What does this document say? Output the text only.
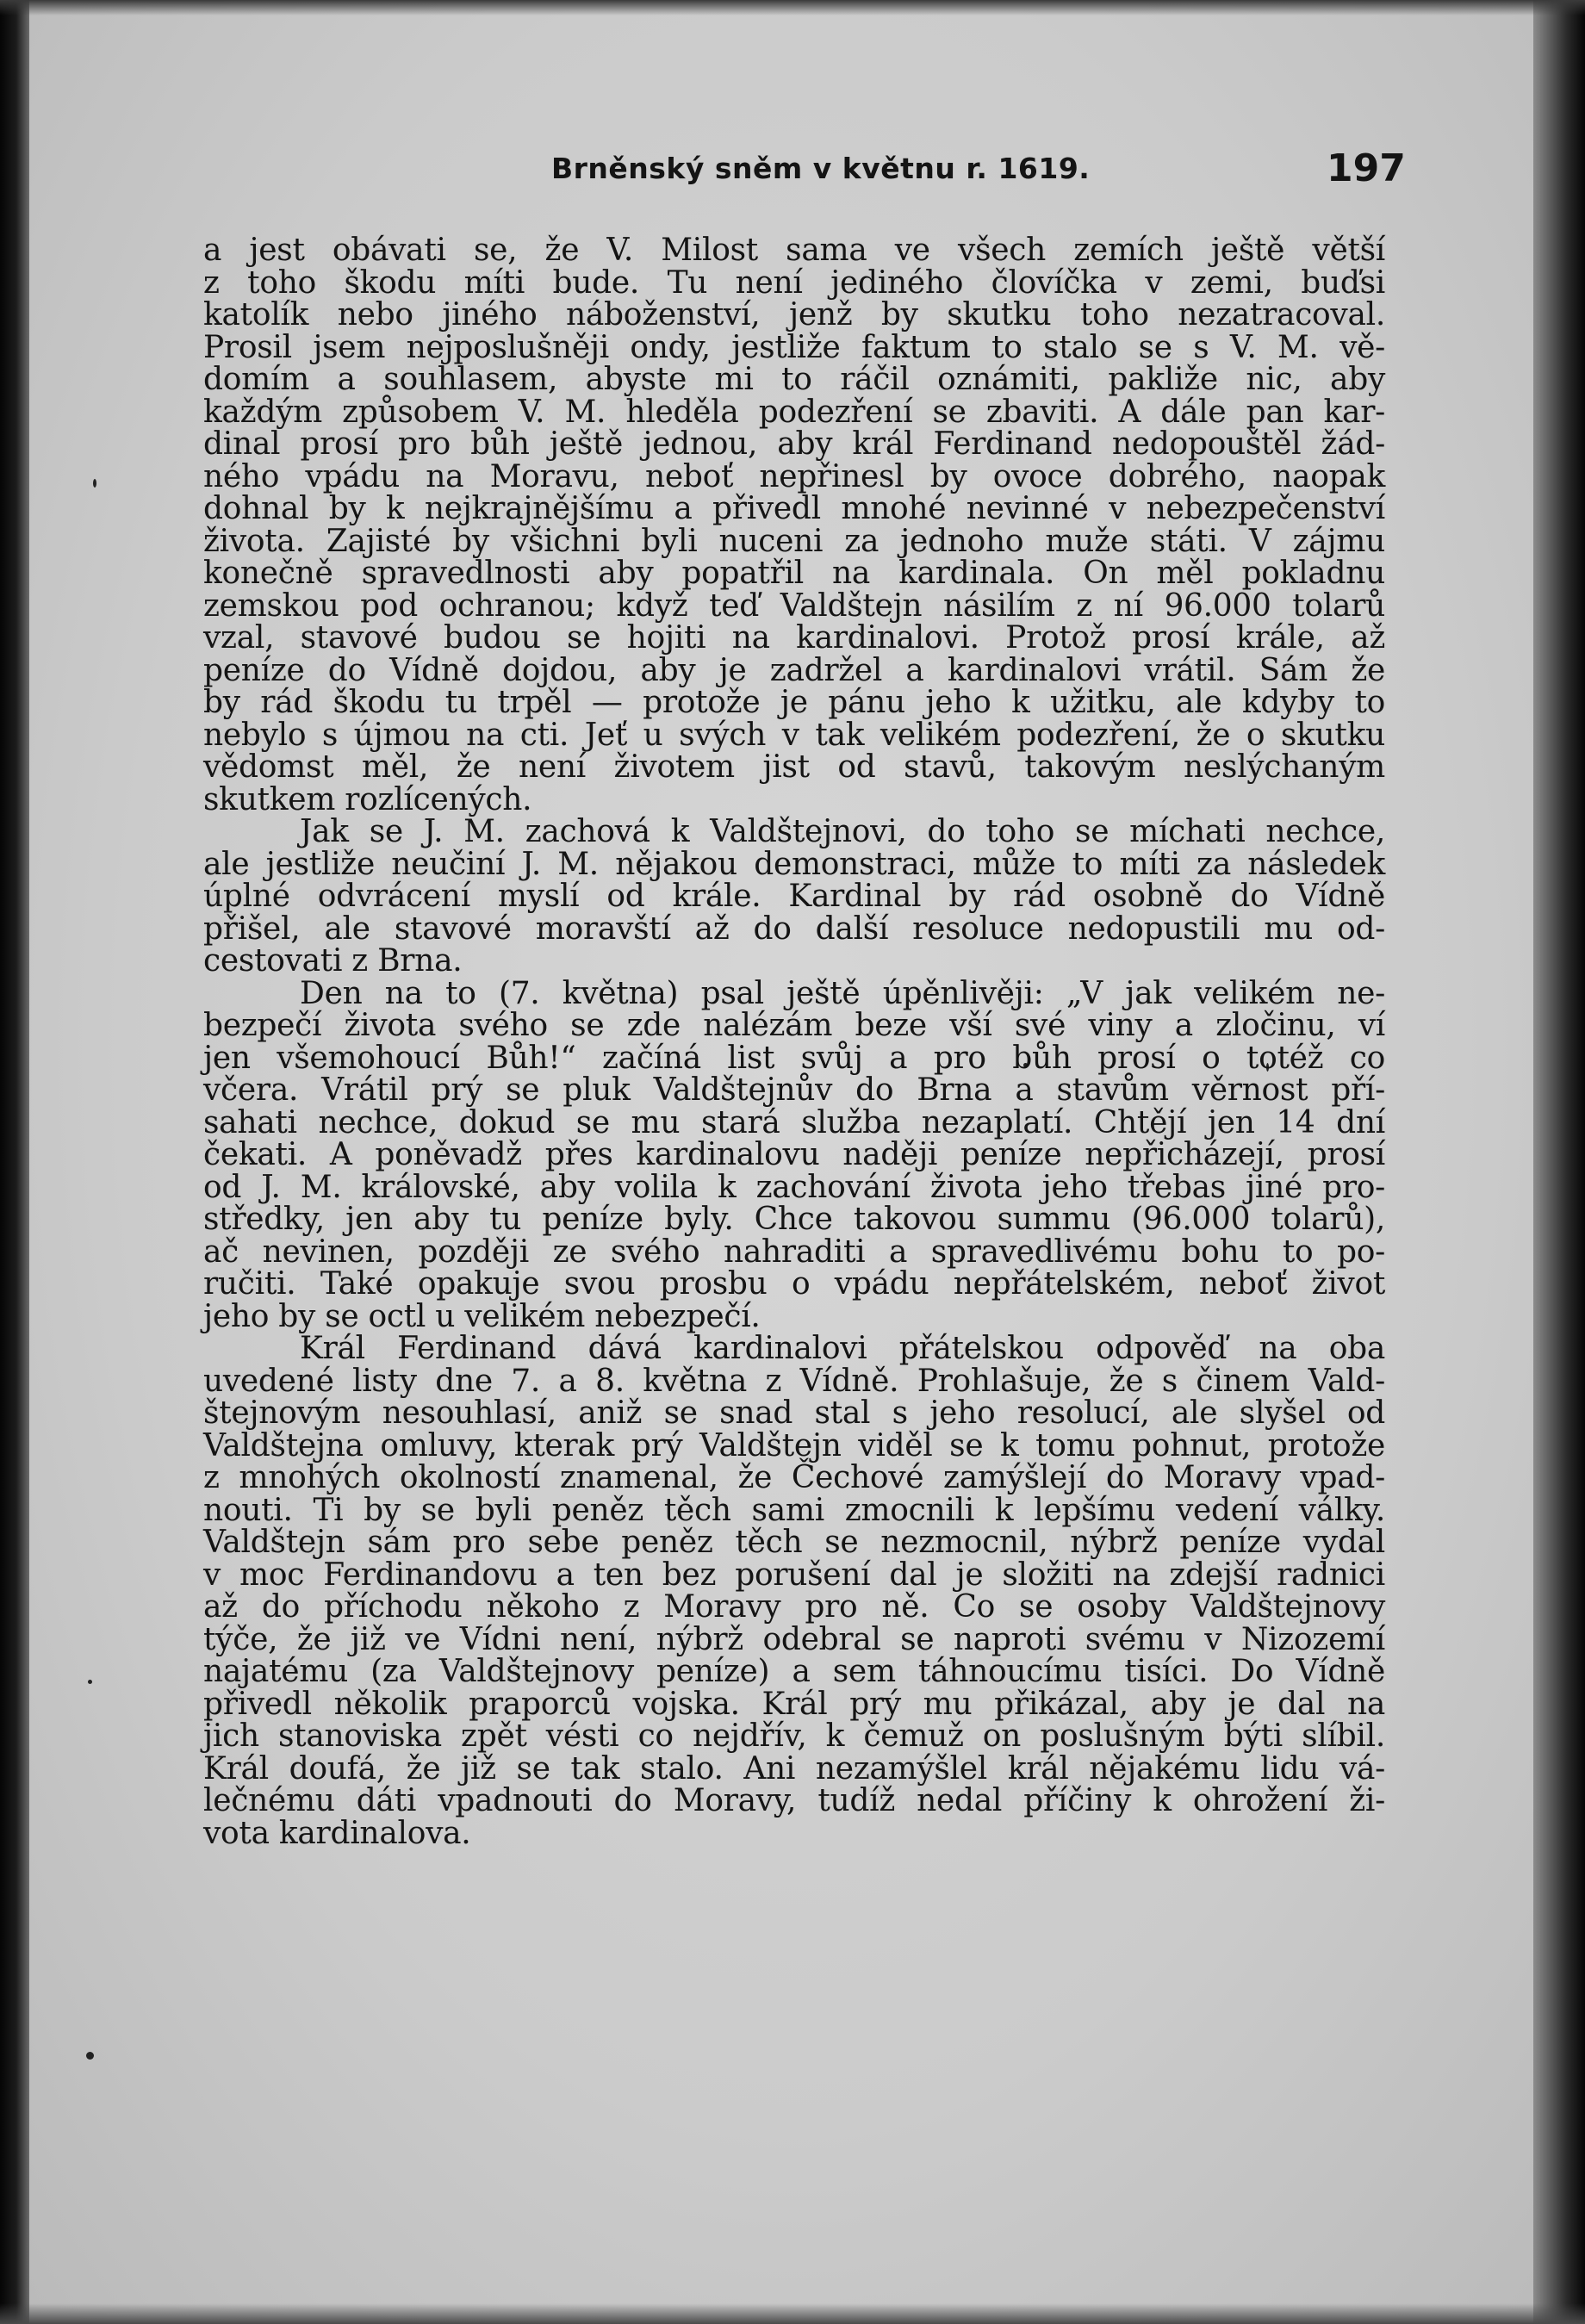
Brněnský sněm v květnu r. 1619.	197
a jest obávati se, že V. Milost sama ve všech zemích ještě větší
z toho škodu míti bude. Tu není jediného človíčka v zemi, buďsi
katolík nebo jiného náboženství, jenž by skutku toho nezatracoval.
Prosil jsem nejposlušněji ondy, jestliže faktum to stalo se s V. M. vě-
domím a souhlasem, abyste mi to ráčil oznámiti, pakliže nic, aby
každým způsobem V. M. hleděla podezření se zbaviti. A dále pan kar-
dinal prosí pro bůh ještě jednou, aby král Ferdinand nedopouštěl žád-
ného vpádu na Moravu, neboť nepřinesl by ovoce dobrého, naopak
dohnal by k nejkrajnějšímu a přivedl mnohé nevinné v nebezpečenství
života. Zajisté by všichni byli nuceni za jednoho muže státi. V zájmu
konečně spravedlnosti aby popatřil na kardinala. On měl pokladnu
zemskou pod ochranou; když teď Valdštejn násilím z ní 96.000 tolarů
vzal, stavové budou se hojiti na kardinalovi. Protož prosí krále, až
peníze do Vídně dojdou, aby je zadržel a kardinalovi vrátil. Sám že
by rád škodu tu trpěl — protože je pánu jeho k užitku, ale kdyby to
nebylo s újmou na cti. Jeť u svých v tak velikém podezření, že o skutku
vědomst měl, že není životem jist od stavů, takovým neslýchaným
skutkem rozlícených.
Jak se J. M. zachová k Valdštejnovi, do toho se míchati nechce,
ale jestliže neučiní J. M. nějakou demonstraci, může to míti za následek
úplné odvrácení myslí od krále. Kardinal by rád osobně do Vídně
přišel, ale stavové moravští až do další resoluce nedopustili mu od-
cestovati z Brna.
Den na to (7. května) psal ještě úpěnlivěji: „V jak velikém ne-
bezpečí života svého se zde nalézám beze vší své viny a zločinu, ví
jen všemohoucí Bůh!“ začíná list svůj a pro bůh prosí o totéž co
včera. Vrátil prý se pluk Valdštejnův do Brna a stavům věrnost pří-
sahati nechce, dokud se mu stará služba nezaplatí. Chtějí jen 14 dní
čekati. A poněvadž přes kardinalovu naději peníze nepřicházejí, prosí
od J. M. královské, aby volila k zachování života jeho třebas jiné pro-
středky, jen aby tu peníze byly. Chce takovou summu (96.000 tolarů),
ač nevinen, později ze svého nahraditi a spravedlivému bohu to po-
ručiti. Také opakuje svou prosbu o vpádu nepřátelském, neboť život
jeho by se octl u velikém nebezpečí.
Král Ferdinand dává kardinalovi přátelskou odpověď na oba
uvedené listy dne 7. a 8. května z Vídně. Prohlašuje, že s činem Vald-
štejnovým nesouhlasí, aniž se snad stal s jeho resolucí, ale slyšel od
Valdštejna omluvy, kterak prý Valdštejn viděl se k tomu pohnut, protože
z mnohých okolností znamenal, že Čechové zamýšlejí do Moravy vpad-
nouti. Ti by se byli peněz těch sami zmocnili k lepšímu vedení války.
Valdštejn sám pro sebe peněz těch se nezmocnil, nýbrž peníze vydal
v moc Ferdinandovu a ten bez porušení dal je složiti na zdejší radnici
až do příchodu někoho z Moravy pro ně. Co se osoby Valdštejnovy
týče, že již ve Vídni není, nýbrž odebral se naproti svému v Nizozemí
najatému (za Valdštejnovy peníze) a sem táhnoucímu tisíci. Do Vídně
přivedl několik praporců vojska. Král prý mu přikázal, aby je dal na
jich stanoviska zpět vésti co nejdřív, k čemuž on poslušným býti slíbil.
Král doufá, že již se tak stalo. Ani nezamýšlel král nějakému lidu vá-
lečnému dáti vpadnouti do Moravy, tudíž nedal příčiny k ohrožení ži-
vota kardinalova.
